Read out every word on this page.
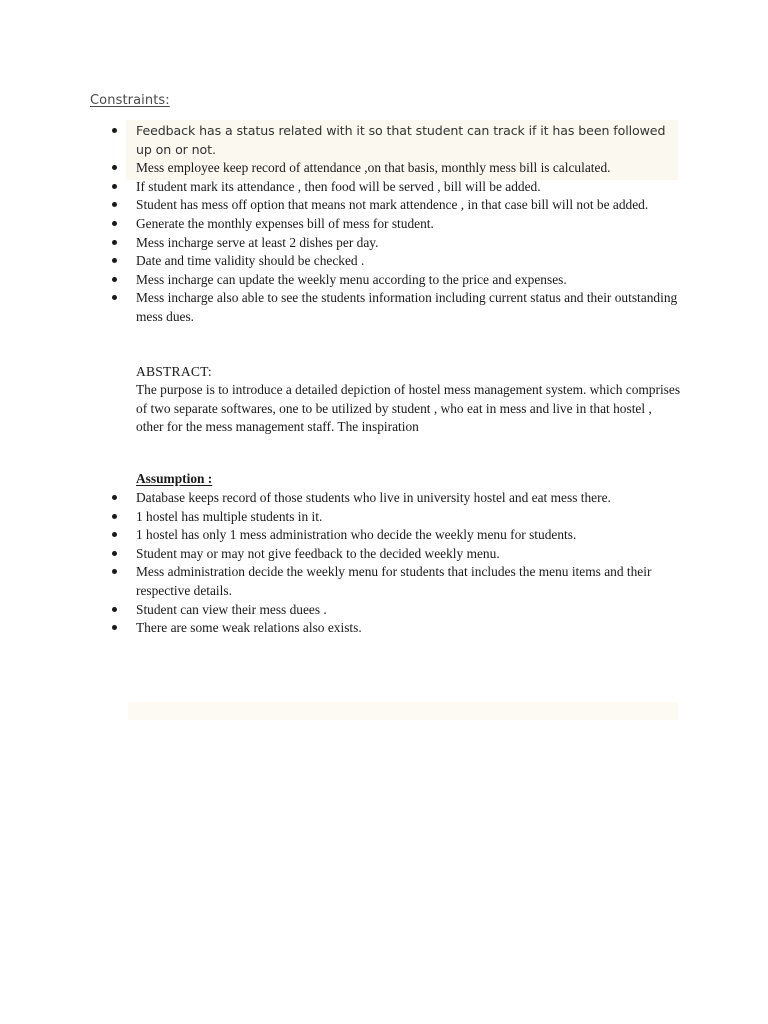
Constraints:
Feedback has a status related with it so that student can track if it has been followed up on or not.
Mess employee keep record of attendance ,on that basis, monthly mess bill is calculated.
If student mark its attendance , then food will be served , bill will be added.
Student has mess off option that means not mark attendence , in that case bill will not be added.
Generate the monthly expenses bill of mess for student.
Mess incharge serve at least 2 dishes per day.
Date and time validity should be checked .
Mess incharge can update the weekly menu according to the price and expenses.
Mess incharge also able to see the students information including current status and their outstanding mess dues.
ABSTRACT:
The purpose is to introduce a detailed depiction of hostel mess management system. which comprises of two separate softwares, one to be utilized by student , who eat in mess and live in that hostel , other for the mess management staff. The inspiration
Assumption :
Database keeps record of those students who live in university hostel and eat mess there.
1 hostel has multiple students in it.
1 hostel has only 1 mess administration who decide the weekly menu for students.
Student may or may not give feedback to the decided weekly menu.
Mess administration decide the weekly menu for students that includes the menu items and their respective details.
Student can view their mess duees .
There are some weak relations also exists.
